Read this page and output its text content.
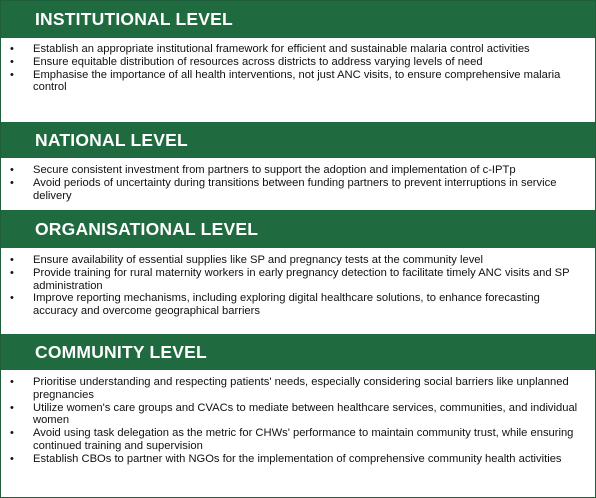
INSTITUTIONAL LEVEL
• Establish an appropriate institutional framework for efficient and sustainable malaria control activities
• Ensure equitable distribution of resources across districts to address varying levels of need
• Emphasise the importance of all health interventions, not just ANC visits, to ensure comprehensive malaria control
NATIONAL LEVEL
• Secure consistent investment from partners to support the adoption and implementation of c-IPTp
• Avoid periods of uncertainty during transitions between funding partners to prevent interruptions in service delivery
ORGANISATIONAL LEVEL
• Ensure availability of essential supplies like SP and pregnancy tests at the community level
• Provide training for rural maternity workers in early pregnancy detection to facilitate timely ANC visits and SP administration
• Improve reporting mechanisms, including exploring digital healthcare solutions, to enhance forecasting accuracy and overcome geographical barriers
COMMUNITY LEVEL
• Prioritise understanding and respecting patients' needs, especially considering social barriers like unplanned pregnancies
• Utilize women's care groups and CVACs to mediate between healthcare services, communities, and individual women
• Avoid using task delegation as the metric for CHWs' performance to maintain community trust, while ensuring continued training and supervision
• Establish CBOs to partner with NGOs for the implementation of comprehensive community health activities
